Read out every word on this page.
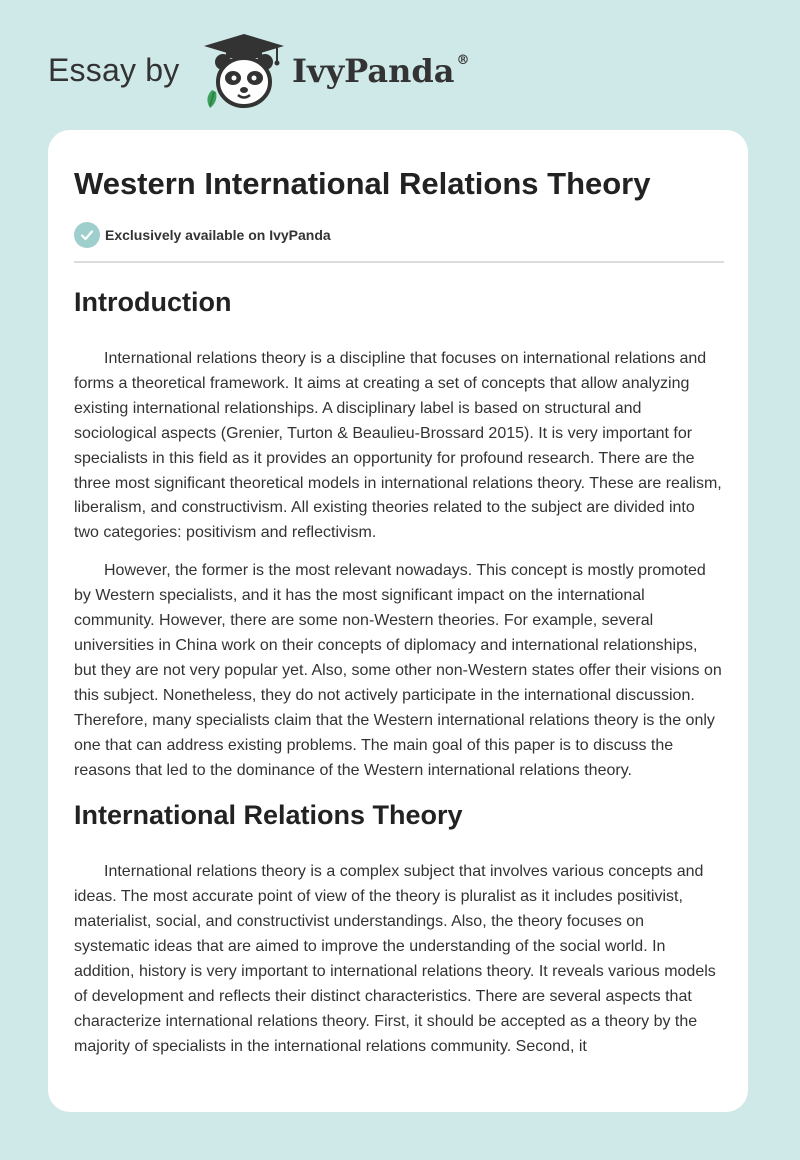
Essay by	IvyPanda ®
Western International Relations Theory
Exclusively available on IvyPanda
Introduction

International relations theory is a discipline that focuses on international relations and forms a theoretical framework. It aims at creating a set of concepts that allow analyzing existing international relationships. A disciplinary label is based on structural and sociological aspects (Grenier, Turton & Beaulieu-Brossard 2015). It is very important for specialists in this field as it provides an opportunity for profound research. There are the three most significant theoretical models in international relations theory. These are realism, liberalism, and constructivism. All existing theories related to the subject are divided into two categories: positivism and reflectivism.

However, the former is the most relevant nowadays. This concept is mostly promoted by Western specialists, and it has the most significant impact on the international community. However, there are some non-Western theories. For example, several universities in China work on their concepts of diplomacy and international relationships, but they are not very popular yet. Also, some other non-Western states offer their visions on this subject. Nonetheless, they do not actively participate in the international discussion. Therefore, many specialists claim that the Western international relations theory is the only one that can address existing problems. The main goal of this paper is to discuss the reasons that led to the dominance of the Western international relations theory.

International Relations Theory

International relations theory is a complex subject that involves various concepts and ideas. The most accurate point of view of the theory is pluralist as it includes positivist, materialist, social, and constructivist understandings. Also, the theory focuses on systematic ideas that are aimed to improve the understanding of the social world. In addition, history is very important to international relations theory. It reveals various models of development and reflects their distinct characteristics. There are several aspects that characterize international relations theory. First, it should be accepted as a theory by the majority of specialists in the international relations community. Second, it
